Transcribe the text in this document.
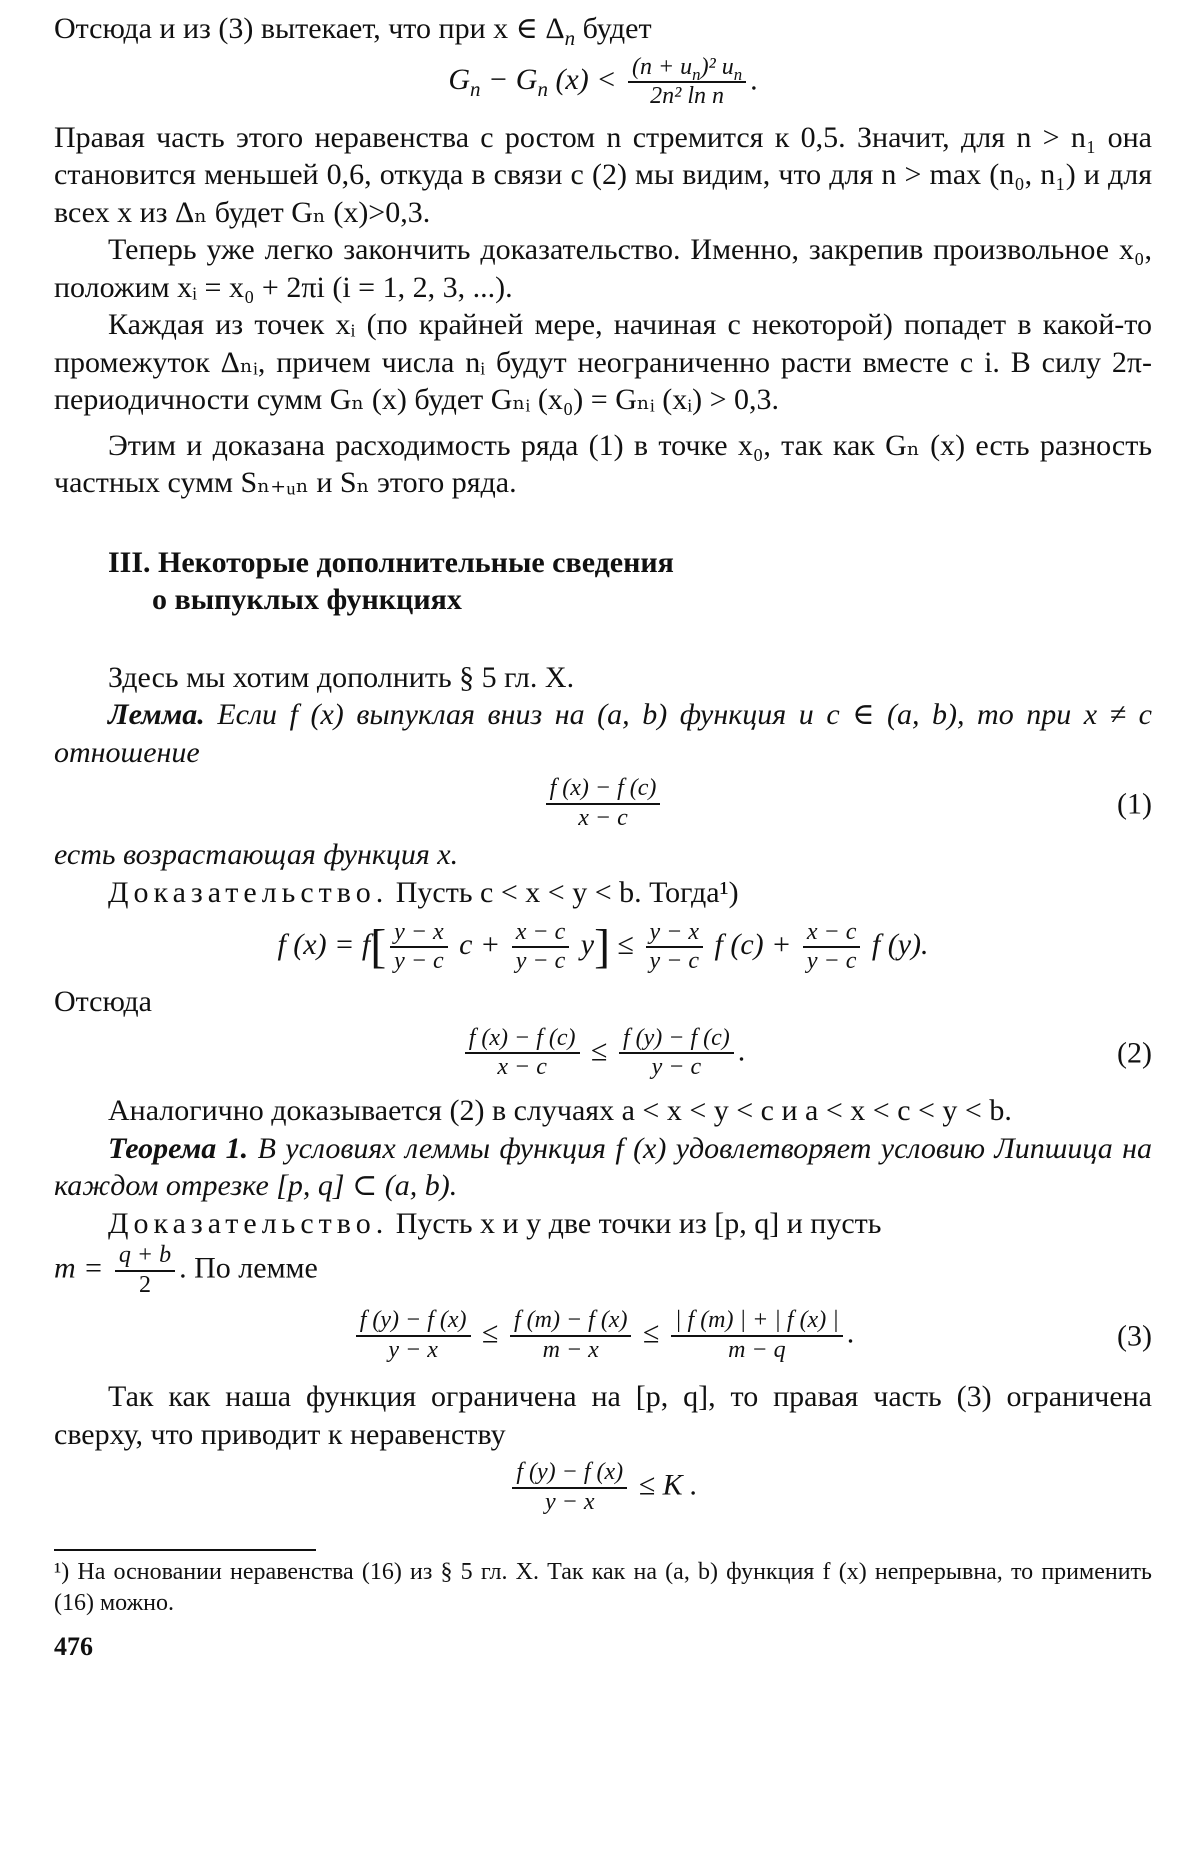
Отсюда и из (3) вытекает, что при x ∈ $\Delta_n$ будет

$G_n - G_n$ $(x) < \frac{(n + u_n)^2 u_n}{\text{2n² ln n}}$ .

Правая часть этого неравенства с ростом n стремится к 0,5. Значит, для n > n₁ она становится меньшей 0,6, откуда в связи с (2) мы видим, что для n > max (n₀, n₁) и для всех x из Δₙ будет Gₙ (x)>0,3.

Теперь уже легко закончить доказательство. Именно, закрепив произвольное x₀, положим xᵢ = x₀ + 2πi (i = 1, 2, 3, ...).

Каждая из точек xᵢ (по крайней мере, начиная с некоторой) попадет в какой-то промежуток Δₙᵢ, причем числа nᵢ будут неограниченно расти вместе с i. В силу 2π-периодичности сумм Gₙ (x) будет Gₙᵢ (x₀) = Gₙᵢ (xᵢ) > 0,3.

Этим и доказана расходимость ряда (1) в точке x₀, так как Gₙ (x) есть разность частных сумм Sₙ₊ᵤₙ и Sₙ этого ряда.

III. Некоторые дополнительные сведения
о выпуклых функциях

Здесь мы хотим дополнить § 5 гл. X.

Лемма. Если f (x) выпуклая вниз на (a, b) функция и c ∈ (a, b), то при x ≠ c отношение

$\frac{f (x) - f (c)}{x - c}$	(1)

есть возрастающая функция x.

Доказательство. Пусть c < x < y < b. Тогда¹)

f $(x) = f[ \frac{y - x}{y - c}$ $c + \frac{x - c}{y - c} y] \le \frac{y - x}{y - c}$ f $(c) + \frac{x - c}{y - c}$ f (y).

Отсюда

$\frac{f (x) - f (c)}{x - c} \le \frac{f (y) - f (c)}{y - c}$ .	(2)

Аналогично доказывается (2) в случаях a < x < y < c и a < x < c < y < b.

Теорема 1. В условиях леммы функция f (x) удовлетворяет условию Липшица на каждом отрезке [p, q] ⊂ (a, b).

Доказательство. Пусть x и y две точки из [p, q] и пусть

$m = \frac{q + b}{2}$ . По лемме

$\frac{f (y) - f (x)}{y - x} \le \frac{f (m) - f (x)}{m - x} \le \frac{| f (m) | + | f (x) |}{m - q}$ .	(3)

Так как наша функция ограничена на [p, q], то правая часть (3) ограничена сверху, что приводит к неравенству

$\frac{f (y) - f (x)}{y - x} \le K$ .

¹) На основании неравенства (16) из § 5 гл. X. Так как на (a, b) функция f (x) непрерывна, то применить (16) можно.

476
